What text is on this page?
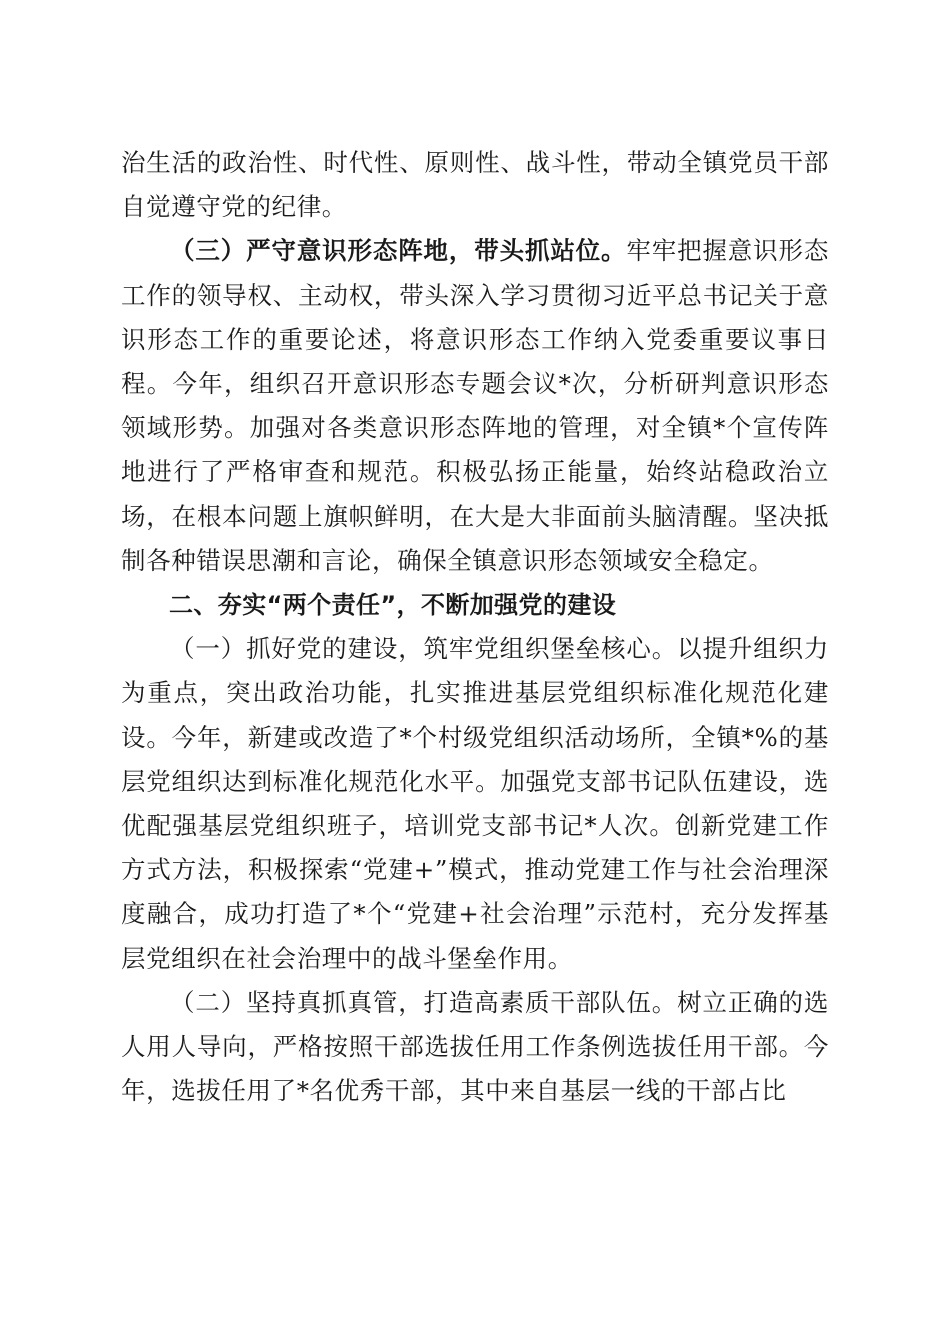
治生活的政治性、时代性、原则性、战斗性，带动全镇党员干部自觉遵守党的纪律。

（三）严守意识形态阵地，带头抓站位。牢牢把握意识形态工作的领导权、主动权，带头深入学习贯彻习近平总书记关于意识形态工作的重要论述，将意识形态工作纳入党委重要议事日程。今年，组织召开意识形态专题会议*次，分析研判意识形态领域形势。加强对各类意识形态阵地的管理，对全镇*个宣传阵地进行了严格审查和规范。积极弘扬正能量，始终站稳政治立场，在根本问题上旗帜鲜明，在大是大非面前头脑清醒。坚决抵制各种错误思潮和言论，确保全镇意识形态领域安全稳定。

二、夯实“两个责任”，不断加强党的建设

（一）抓好党的建设，筑牢党组织堡垒核心。以提升组织力为重点，突出政治功能，扎实推进基层党组织标准化规范化建设。今年，新建或改造了*个村级党组织活动场所，全镇*%的基层党组织达到标准化规范化水平。加强党支部书记队伍建设，选优配强基层党组织班子，培训党支部书记*人次。创新党建工作方式方法，积极探索“党建+”模式，推动党建工作与社会治理深度融合，成功打造了*个“党建+社会治理”示范村，充分发挥基层党组织在社会治理中的战斗堡垒作用。

（二）坚持真抓真管，打造高素质干部队伍。树立正确的选人用人导向，严格按照干部选拔任用工作条例选拔任用干部。今年，选拔任用了*名优秀干部，其中来自基层一线的干部占比
